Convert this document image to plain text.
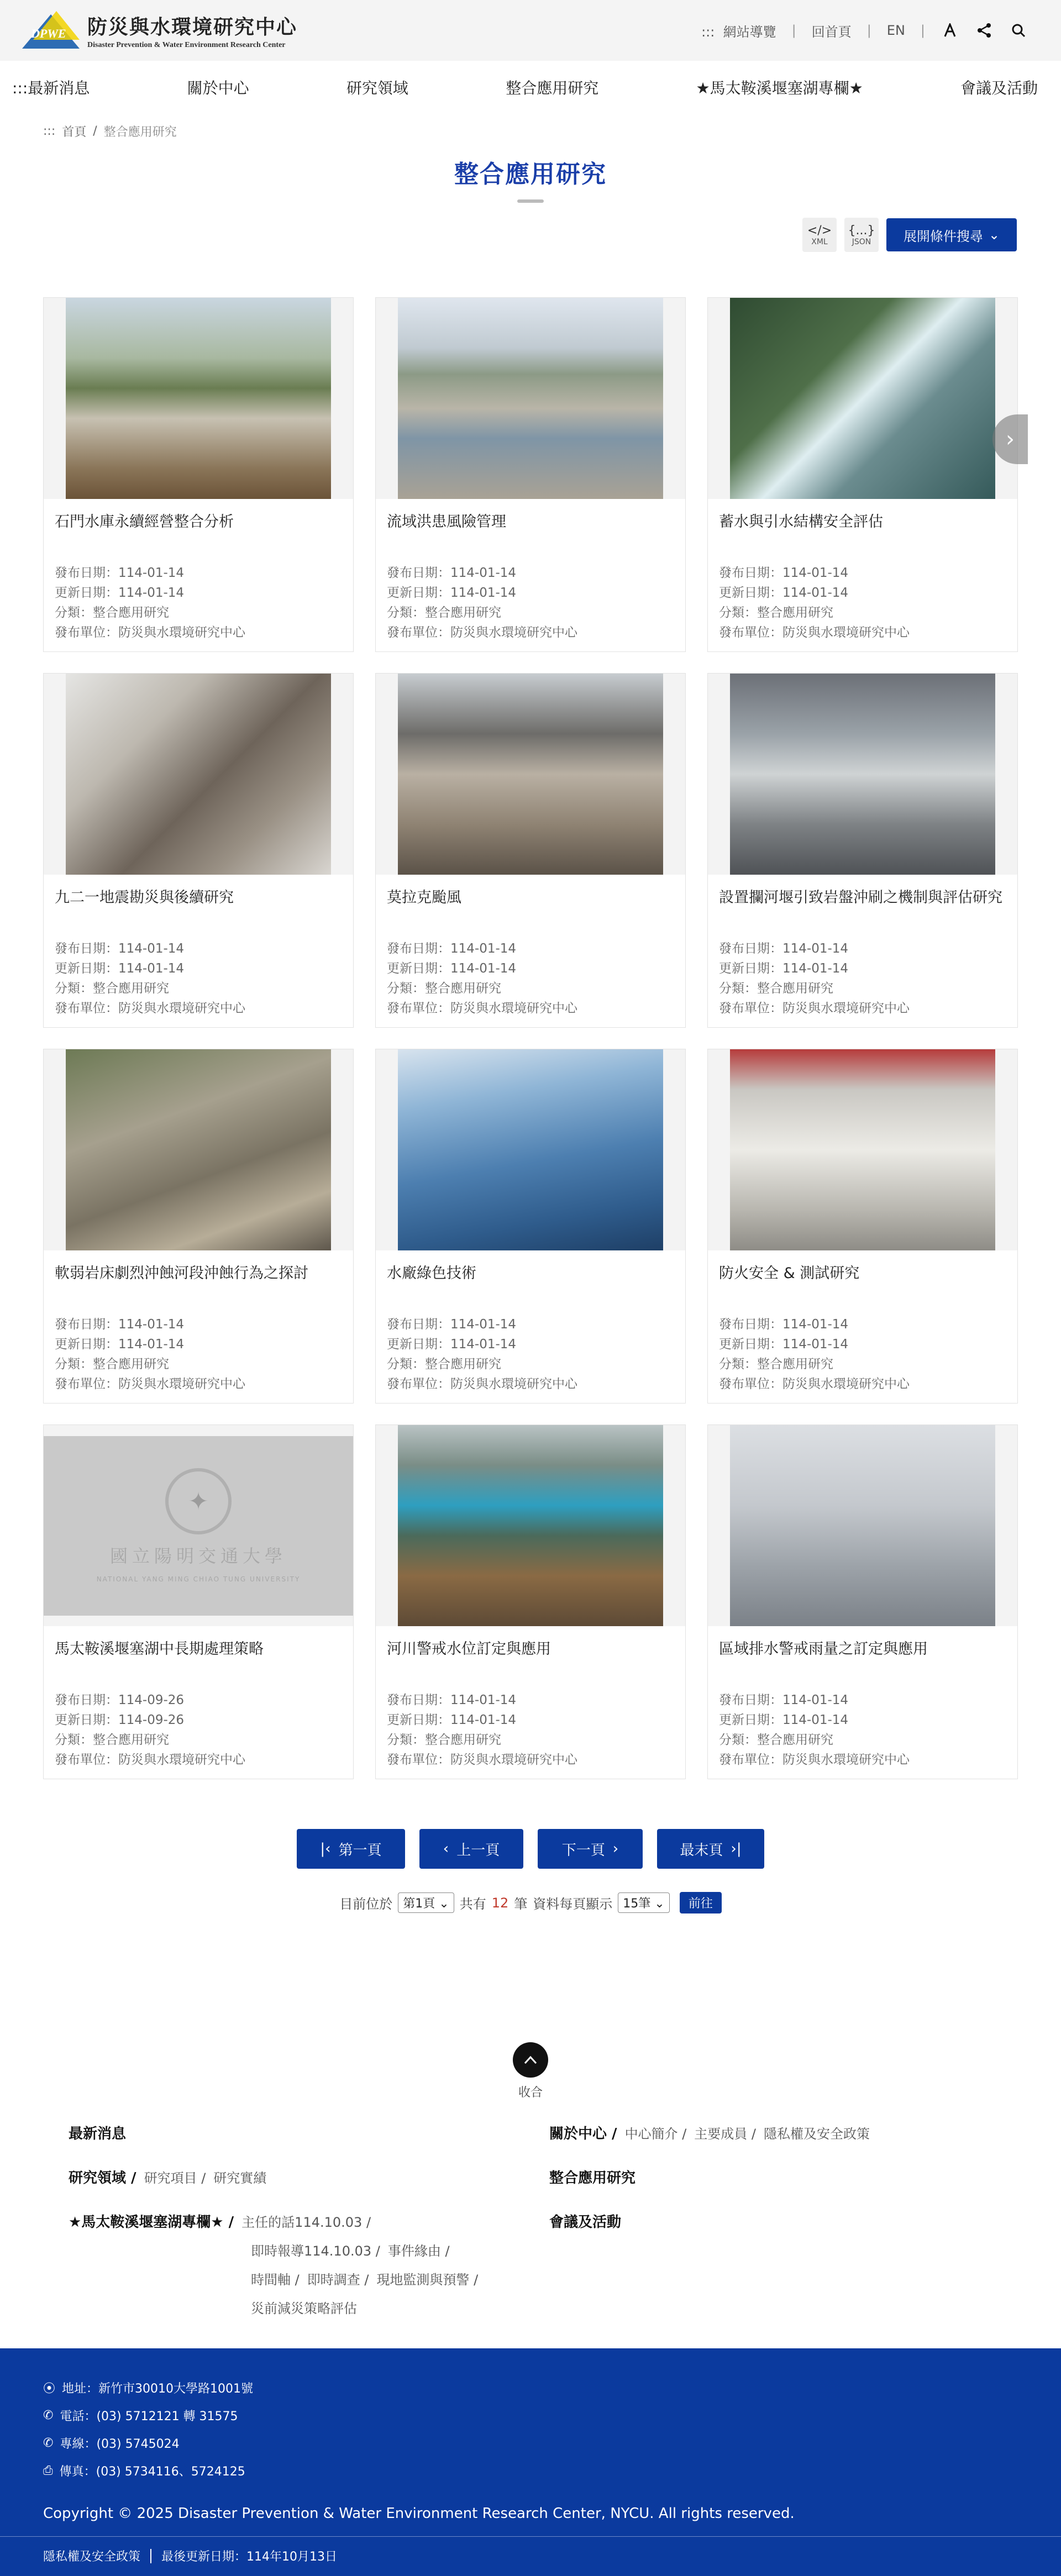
DPWE 防災與水環境研究中心
Disaster Prevention & Water Environment Research Center
::: 網站導覽 | 回首頁 | EN |
:::最新消息	關於中心	研究領域	整合應用研究	★馬太鞍溪堰塞湖專欄★	會議及活動
::: 首頁 / 整合應用研究
整合應用研究
</>
XML
{...}
JSON 展開條件搜尋 ⌄
石門水庫永續經營整合分析
發布日期：114-01-14
更新日期：114-01-14
分類：整合應用研究
發布單位：防災與水環境研究中心
流域洪患風險管理
發布日期：114-01-14
更新日期：114-01-14
分類：整合應用研究
發布單位：防災與水環境研究中心
蓄水與引水結構安全評估
發布日期：114-01-14
更新日期：114-01-14
分類：整合應用研究
發布單位：防災與水環境研究中心
九二一地震勘災與後續研究
發布日期：114-01-14
更新日期：114-01-14
分類：整合應用研究
發布單位：防災與水環境研究中心
莫拉克颱風
發布日期：114-01-14
更新日期：114-01-14
分類：整合應用研究
發布單位：防災與水環境研究中心
設置攔河堰引致岩盤沖刷之機制與評估研究
發布日期：114-01-14
更新日期：114-01-14
分類：整合應用研究
發布單位：防災與水環境研究中心
軟弱岩床劇烈沖蝕河段沖蝕行為之探討
發布日期：114-01-14
更新日期：114-01-14
分類：整合應用研究
發布單位：防災與水環境研究中心
水廠綠色技術
發布日期：114-01-14
更新日期：114-01-14
分類：整合應用研究
發布單位：防災與水環境研究中心
防火安全 & 測試研究
發布日期：114-01-14
更新日期：114-01-14
分類：整合應用研究
發布單位：防災與水環境研究中心
✦
國立陽明交通大學
NATIONAL YANG MING CHIAO TUNG UNIVERSITY
馬太鞍溪堰塞湖中長期處理策略
發布日期：114-09-26
更新日期：114-09-26
分類：整合應用研究
發布單位：防災與水環境研究中心
河川警戒水位訂定與應用
發布日期：114-01-14
更新日期：114-01-14
分類：整合應用研究
發布單位：防災與水環境研究中心
區域排水警戒雨量之訂定與應用
發布日期：114-01-14
更新日期：114-01-14
分類：整合應用研究
發布單位：防災與水環境研究中心
›
|‹ 第一頁	‹ 上一頁	下一頁 ›	最末頁 ›|
目前位於 第1頁 ⌄ 共有 12 筆 資料每頁顯示 15筆 ⌄	前往
收合
最新消息
研究領域 / 研究項目 / 研究實績
★馬太鞍溪堰塞湖專欄★ / 主任的話114.10.03 /
即時報導114.10.03 / 事件緣由 /
時間軸 / 即時調查 / 現地監測與預警 /
災前減災策略評估
關於中心 / 中心簡介 / 主要成員 / 隱私權及安全政策
整合應用研究
會議及活動
⦿ 地址：新竹市30010大學路1001號
✆ 電話：(03) 5712121 轉 31575
✆ 專線：(03) 5745024
⎙ 傳真：(03) 5734116、5724125
Copyright © 2025 Disaster Prevention & Water Environment Research Center, NYCU. All rights reserved.
隱私權及安全政策 最後更新日期：114年10月13日
